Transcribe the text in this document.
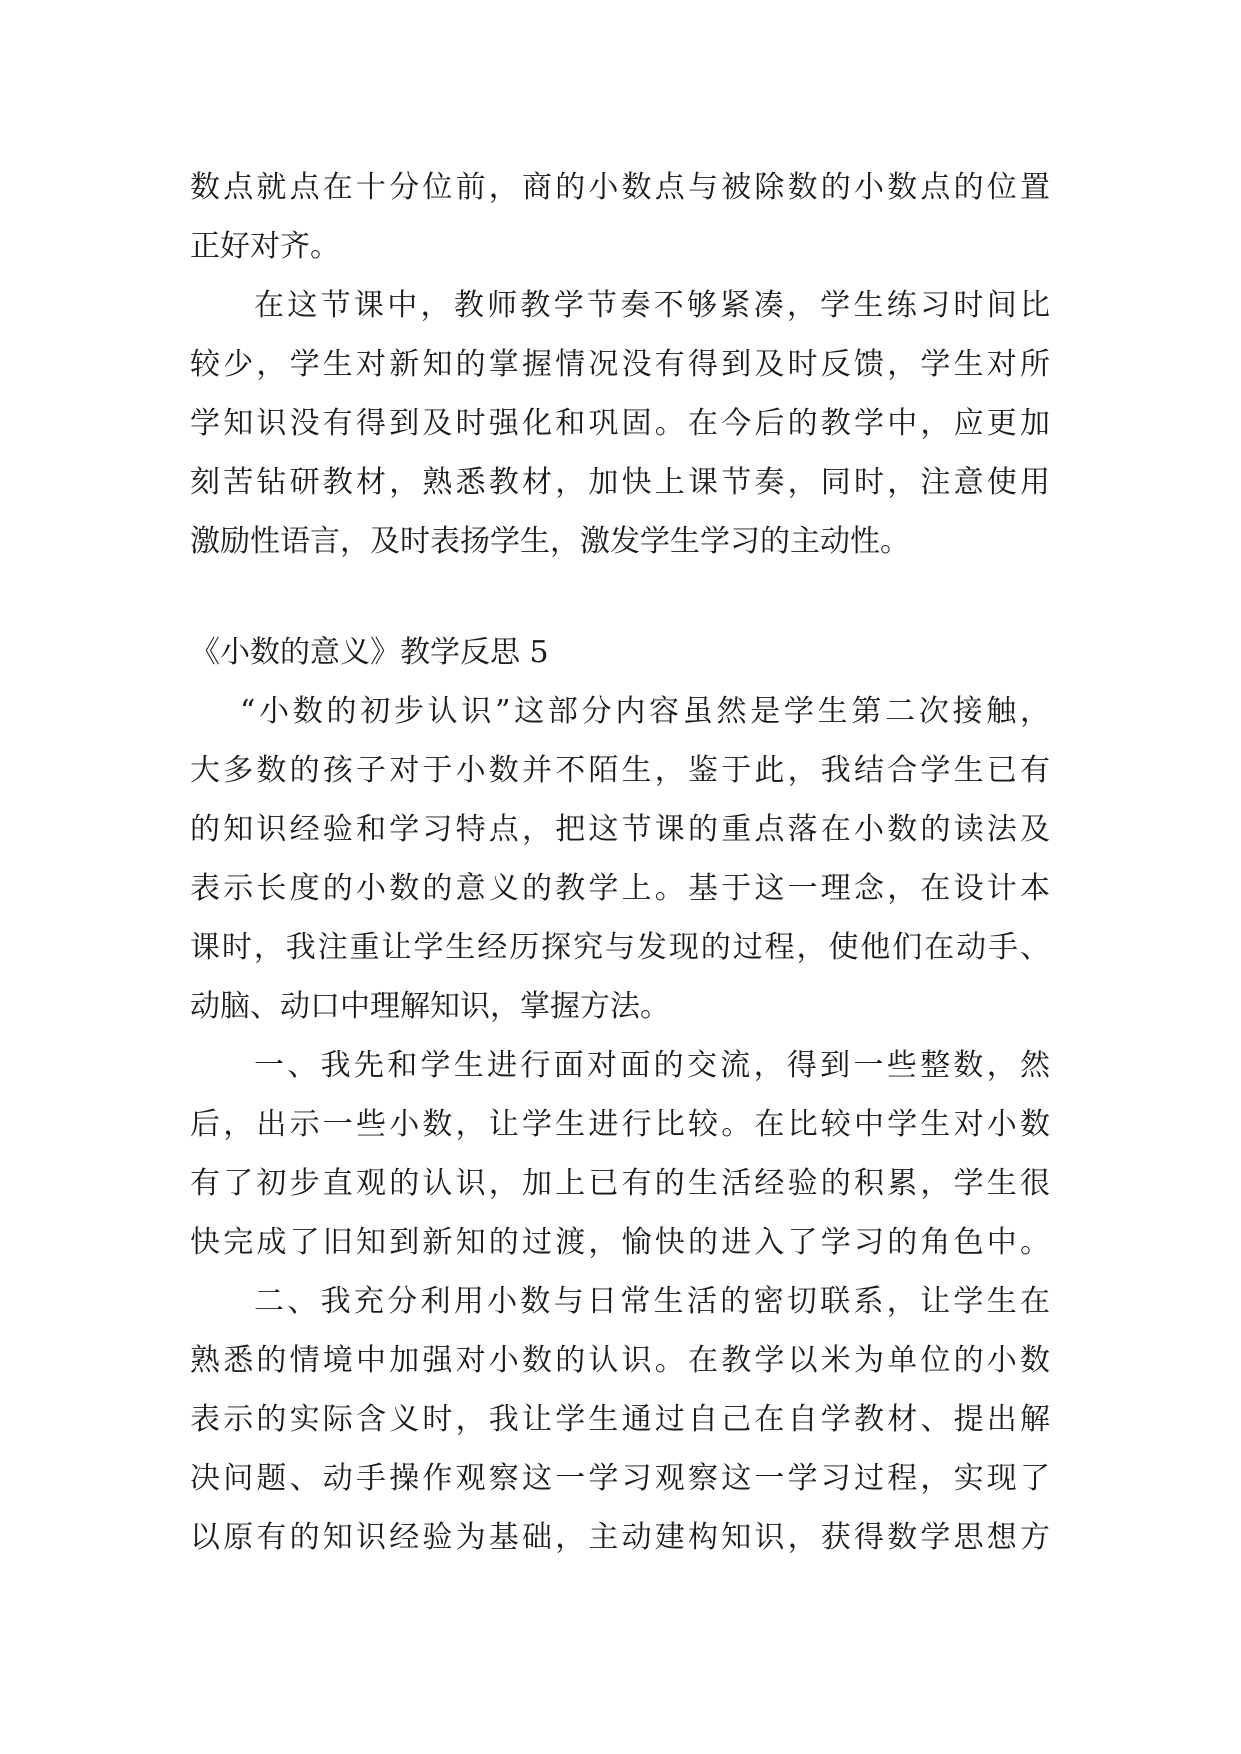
数点就点在十分位前，商的小数点与被除数的小数点的位置
正好对齐。
在这节课中，教师教学节奏不够紧凑，学生练习时间比
较少，学生对新知的掌握情况没有得到及时反馈，学生对所
学知识没有得到及时强化和巩固。在今后的教学中，应更加
刻苦钻研教材，熟悉教材，加快上课节奏，同时，注意使用
激励性语言，及时表扬学生，激发学生学习的主动性。
《小数的意义》教学反思 5
“小数的初步认识”这部分内容虽然是学生第二次接触，
大多数的孩子对于小数并不陌生，鉴于此，我结合学生已有
的知识经验和学习特点，把这节课的重点落在小数的读法及
表示长度的小数的意义的教学上。基于这一理念，在设计本
课时，我注重让学生经历探究与发现的过程，使他们在动手、
动脑、动口中理解知识，掌握方法。
一、我先和学生进行面对面的交流，得到一些整数，然
后，出示一些小数，让学生进行比较。在比较中学生对小数
有了初步直观的认识，加上已有的生活经验的积累，学生很
快完成了旧知到新知的过渡，愉快的进入了学习的角色中。
二、我充分利用小数与日常生活的密切联系，让学生在
熟悉的情境中加强对小数的认识。在教学以米为单位的小数
表示的实际含义时，我让学生通过自己在自学教材、提出解
决问题、动手操作观察这一学习观察这一学习过程，实现了
以原有的知识经验为基础，主动建构知识，获得数学思想方
